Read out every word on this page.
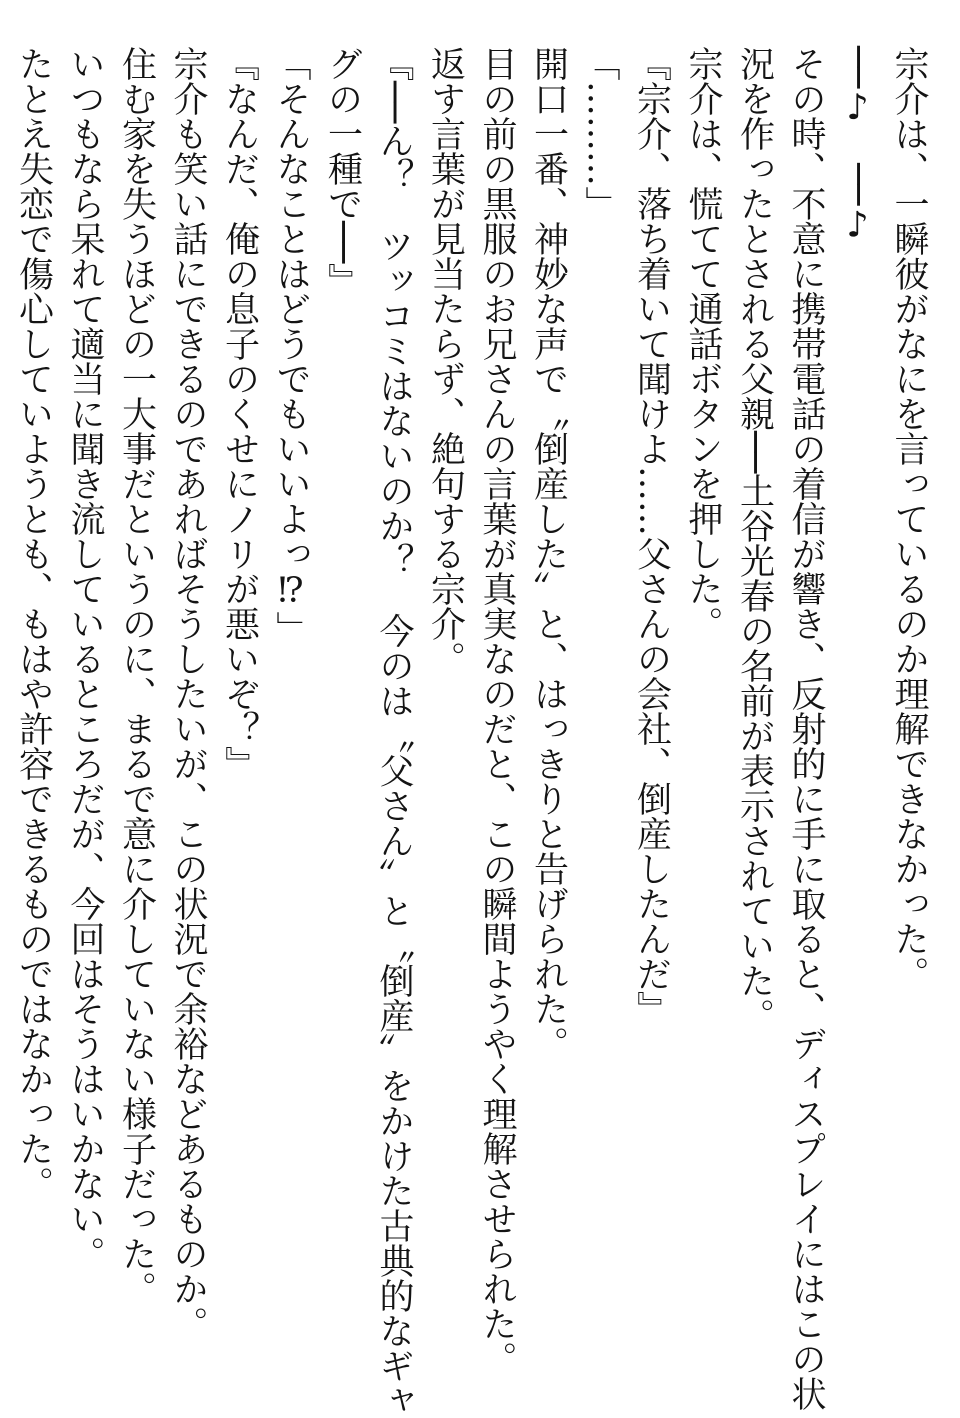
宗介は、一瞬彼がなにを言っているのか理解できなかった。
──♪　──♪
その時、不意に携帯電話の着信が響き、反射的に手に取ると、ディスプレイにはこの状
況を作ったとされる父親──土谷光春の名前が表示されていた。
宗介は、慌てて通話ボタンを押した。
『宗介、落ち着いて聞けよ……父さんの会社、倒産したんだ』
「………」
開口一番、神妙な声で〝倒産した〟と、はっきりと告げられた。
目の前の黒服のお兄さんの言葉が真実なのだと、この瞬間ようやく理解させられた。
返す言葉が見当たらず、絶句する宗介。
『──ん？　ツッコミはないのか？　今のは〝父さん〟と〝倒産〟をかけた古典的なギャ
グの一種で──』
「そんなことはどうでもいいよっ⁉」
『なんだ、俺の息子のくせにノリが悪いぞ？』
宗介も笑い話にできるのであればそうしたいが、この状況で余裕などあるものか。
住む家を失うほどの一大事だというのに、まるで意に介していない様子だった。
いつもなら呆れて適当に聞き流しているところだが、今回はそうはいかない。
たとえ失恋で傷心していようとも、もはや許容できるものではなかった。
